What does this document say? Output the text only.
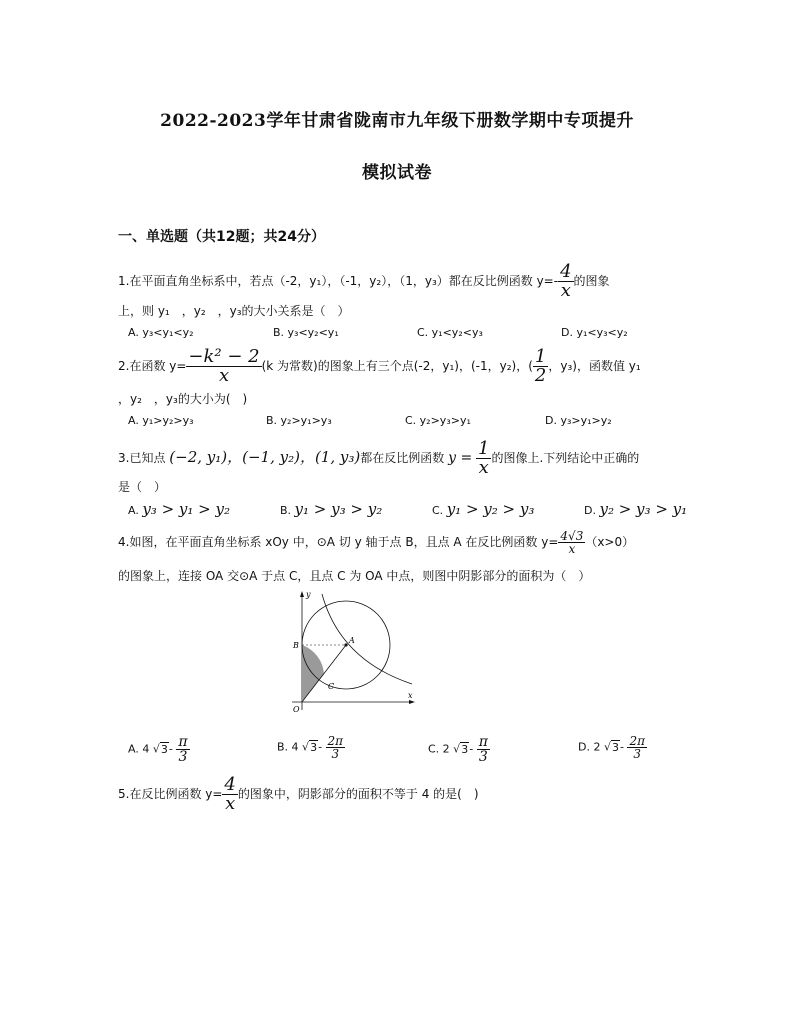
2022-2023学年甘肃省陇南市九年级下册数学期中专项提升
模拟试卷
一、单选题（共12题；共24分）
1.在平面直角坐标系中，若点（-2，y₁），（-1，y₂），（1，y₃）都在反比例函数 $y=- \frac{4}{x}$ 的图象
上，则 y₁　，y₂　，y₃的大小关系是（　）
A. y₃<y₁<y₂	B. y₃<y₂<y₁	C. y₁<y₂<y₃	D. y₁<y₃<y₂
2.在函数 $y= \frac{\text{−k² − 2}}{x} (k$ 为常数)的图象上有三个点(-2，y₁)，(-1，y₂)，( $\frac{1}{2}$ ，y₃)，函数值 y₁
，y₂　，y₃的大小为(　)
A. y₁>y₂>y₃	B. y₂>y₁>y₃	C. y₂>y₃>y₁	D. y₃>y₁>y₂
3.已知点 (−2, y₁)，(−1, y₂)，(1, y₃)都在反比例函数 $y = \frac{1}{x}$ 的图像上.下列结论中正确的
是（　）
A. y₃ > y₁ > y₂	B. y₁ > y₃ > y₂	C. y₁ > y₂ > y₃	D. y₂ > y₃ > y₁
4.如图，在平面直角坐标系 xOy 中，⊙A 切 y 轴于点 B，且点 A 在反比例函数 $y= \frac{4√3}{x} (x>0)$
的图象上，连接 OA 交⊙A 于点 C，且点 C 为 OA 中点，则图中阴影部分的面积为（　）
y
x
O
B
A
C
A. 4 $√3- \frac{\pi}{3}$	B. 4 $√3- \frac{2\pi}{3}$	C. 2 $√3- \frac{\pi}{3}$	D. 2 $√3- \frac{2\pi}{3}$
5.在反比例函数 $y= \frac{4}{x}$ 的图象中，阴影部分的面积不等于 4 的是(　)
